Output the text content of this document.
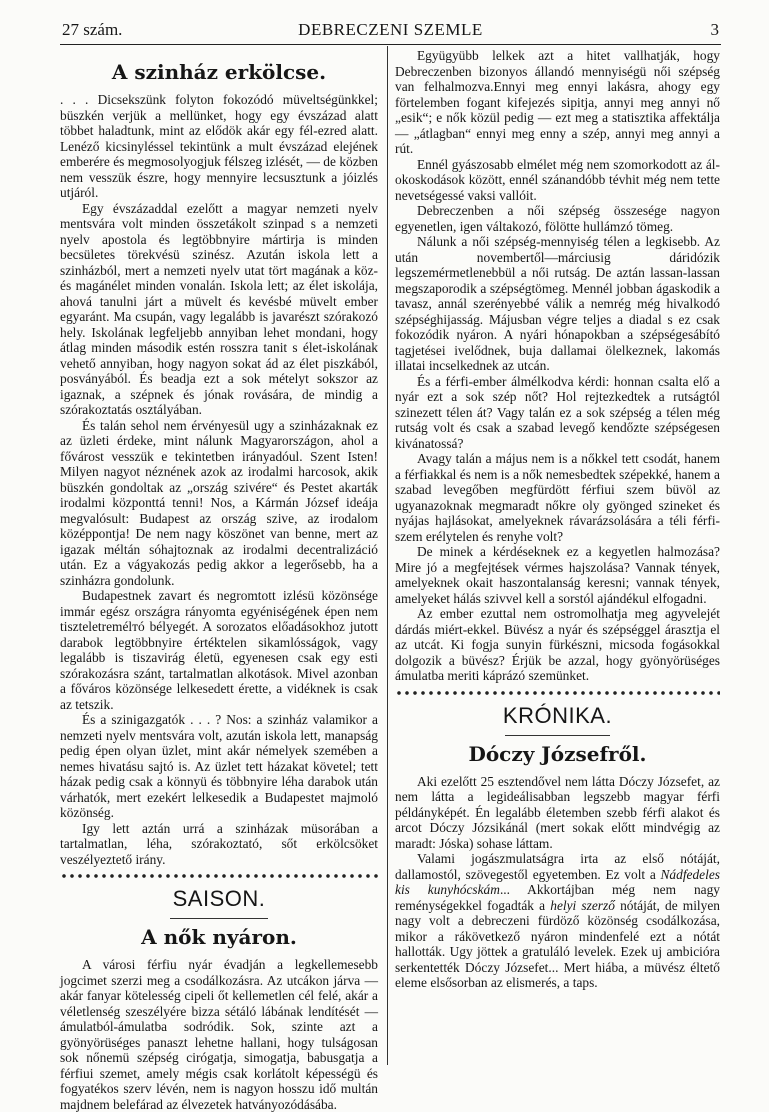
27 szám.	DEBRECZENI SZEMLE	3
A szinház erkölcse.

. . . Dicsekszünk folyton fokozódó müveltségünkkel; büszkén verjük a mellünket, hogy egy évszázad alatt többet haladtunk, mint az elődök akár egy fél-ezred alatt. Lenéző kicsinyléssel tekintünk a mult évszázad elejének emberére és megmosolyogjuk félszeg izlését, — de közben nem vesszük észre, hogy mennyire lecsusztunk a jóizlés utjáról.

Egy évszázaddal ezelőtt a magyar nemzeti nyelv mentsvára volt minden összetákolt szinpad s a nemzeti nyelv apostola és legtöbbnyire mártirja is minden becsületes törekvésü szinész. Azután iskola lett a szinházból, mert a nemzeti nyelv utat tört magának a köz- és magánélet minden vonalán. Iskola lett; az élet iskolája, ahová tanulni járt a müvelt és kevésbé müvelt ember egyaránt. Ma csupán, vagy legalább is javarészt szórakozó hely. Iskolának legfeljebb annyiban lehet mondani, hogy átlag minden második estén rosszra tanit s élet-iskolának vehető annyiban, hogy nagyon sokat ád az élet piszkából, posványából. És beadja ezt a sok mételyt sokszor az igaznak, a szépnek és jónak rovására, de mindig a szórakoztatás osztályában.

És talán sehol nem érvényesül ugy a szinházaknak ez az üzleti érdeke, mint nálunk Magyarországon, ahol a fővárost vesszük e tekintetben irányadóul. Szent Isten! Milyen nagyot néznének azok az irodalmi harcosok, akik büszkén gondoltak az „ország szivére“ és Pestet akarták irodalmi központtá tenni! Nos, a Kármán József ideája megvalósult: Budapest az ország szive, az irodalom középpontja! De nem nagy köszönet van benne, mert az igazak méltán sóhajtoznak az irodalmi decentralizáció után. Ez a vágyakozás pedig akkor a legerősebb, ha a szinházra gondolunk.

Budapestnek zavart és negromtott izlésü közönsége immár egész országra rányomta egyéniségének épen nem tiszteletremélтó bélyegét. A sorozatos előadásokhoz jutott darabok legtöbbnyire értéktelen sikamlósságok, vagy legalább is tiszavirág életü, egyenesen csak egy esti szórakozásra szánt, tartalmatlan alkotások. Mivel azonban a főváros közönsége lelkesedett érette, a vidéknek is csak az tetszik.

És a szinigazgatók . . . ? Nos: a szinház valamikor a nemzeti nyelv mentsvára volt, azután iskola lett, manapság pedig épen olyan üzlet, mint akár némelyek szemében a nemes hivatásu sajtó is. Az üzlet tett házakat követel; tett házak pedig csak a könnyü és többnyire léha darabok után várhatók, mert ezekért lelkesedik a Budapestet majmoló közönség.

Igy lett aztán urrá a szinházak müsorában a tartalmatlan, léha, szórakoztató, sőt erkölcsöket veszélyeztető irány.

SAISON.
A nők nyáron.

A városi férfiu nyár évadján a legkellemesebb jogcimet szerzi meg a csodálkozásra. Az utcákon járva — akár fanyar kötelesség cipeli őt kellemetlen cél felé, akár a véletlenség szeszélyére bizza sétáló lábának lendítését — ámulatból-ámulatba sodródik. Sok, szinte azt a gyönyörüséges panaszt lehetne hallani, hogy tulságosan sok nőnemü szépség cirógatja, simogatja, babusgatja a férfiui szemet, amely mégis csak korlátolt képességü és fogyatékos szerv lévén, nem is nagyon hosszu idő multán majdnem belefárad az élvezetek hatványozódásába.

Együgyübb lelkek azt a hitet vallhatják, hogy Debreczenben bizonyos állandó mennyiségü női szépség van felhalmozva.Ennyi meg ennyi lakásra, ahogy egy förtelemben fogant kifejezés sipitja, annyi meg annyi nő „esik“; e nők közül pedig — ezt meg a statisztika affektálja — „átlagban“ ennyi meg enny a szép, annyi meg annyi a rút.

Ennél gyászosabb elmélet még nem szomorkodott az ál-okoskodások között, ennél szánandóbb tévhit még nem tette nevetségessé vaksi vallóit.

Debreczenben a női szépség összesége nagyon egyenetlen, igen váltakozó, fölötte hullámzó tömeg.

Nálunk a női szépség-mennyiség télen a legkisebb. Az után novembertől—márciusig dáridózik legszemérmetlenebbül a női rutság. De aztán lassan-lassan megszaporodik a szépségtömeg. Mennél jobban ágaskodik a tavasz, annál szerényebbé válik a nemrég még hivalkodó szépséghijasság. Májusban végre teljes a diadal s ez csak fokozódik nyáron. A nyári hónapokban a szépségesábító tagjetései ivelődnek, buja dallamai ölelkeznek, lakomás illatai incselkednek az utcán.

És a férfi-ember álmélkodva kérdi: honnan csalta elő a nyár ezt a sok szép nőt? Hol rejtezkedtek a rutságtól szinezett télen át? Vagy talán ez a sok szépség a télen még rutság volt és csak a szabad levegő kendőzte szépségesen kivánatossá?

Avagy talán a május nem is a nőkkel tett csodát, hanem a férfiakkal és nem is a nők nemesbedtek szépekké, hanem a szabad levegőben megfürdött férfiui szem büvöl az ugyanazoknak megmaradt nőkre oly gyönged szineket és nyájas hajlásokat, amelyeknek rávarázsolására a téli férfi-szem erélytelen és renyhe volt?

De minek a kérdéseknek ez a kegyetlen halmozása? Mire jó a megfejtések vérmes hajszolása? Vannak tények, amelyeknek okait haszontalanság keresni; vannak tények, amelyeket hálás szivvel kell a sorstól ajándékul elfogadni.

Az ember ezuttal nem ostromolhatja meg agyvelejét dárdás miért-ekkel. Büvész a nyár és szépséggel árasztja el az utcát. Ki fogja sunyin fürkészni, micsoda fogásokkal dolgozik a büvész? Érjük be azzal, hogy gyönyörüséges ámulatba meriti káprázó szemünket.

KRÓNIKA.
Dóczy Józsefről.

Aki ezelőtt 25 esztendővel nem látta Dóczy Józsefet, az nem látta a legideálisabban legszebb magyar férfi példányképét. Én legalább életemben szebb férfi alakot és arcot Dóczy Józsikánál (mert sokak előtt mindvégig az maradt: Jóska) sohase láttam.

Valami jogászmulatságra irta az első nótáját, dallamostól, szövegestől egyetemben. Ez volt a Nádfedeles kis kunyhócskám... Akkortájban még nem nagy reménységekkel fogadták a helyi szerző nótáját, de milyen nagy volt a debreczeni fürdöző közönség csodálkozása, mikor a rákövetkező nyáron mindenfelé ezt a nótát hallották. Ugy jöttek a gratuláló levelek. Ezek uj ambicióra serkentették Dóczy Józsefet... Mert hiába, a müvész éltető eleme elsősorban az elismerés, a taps.
